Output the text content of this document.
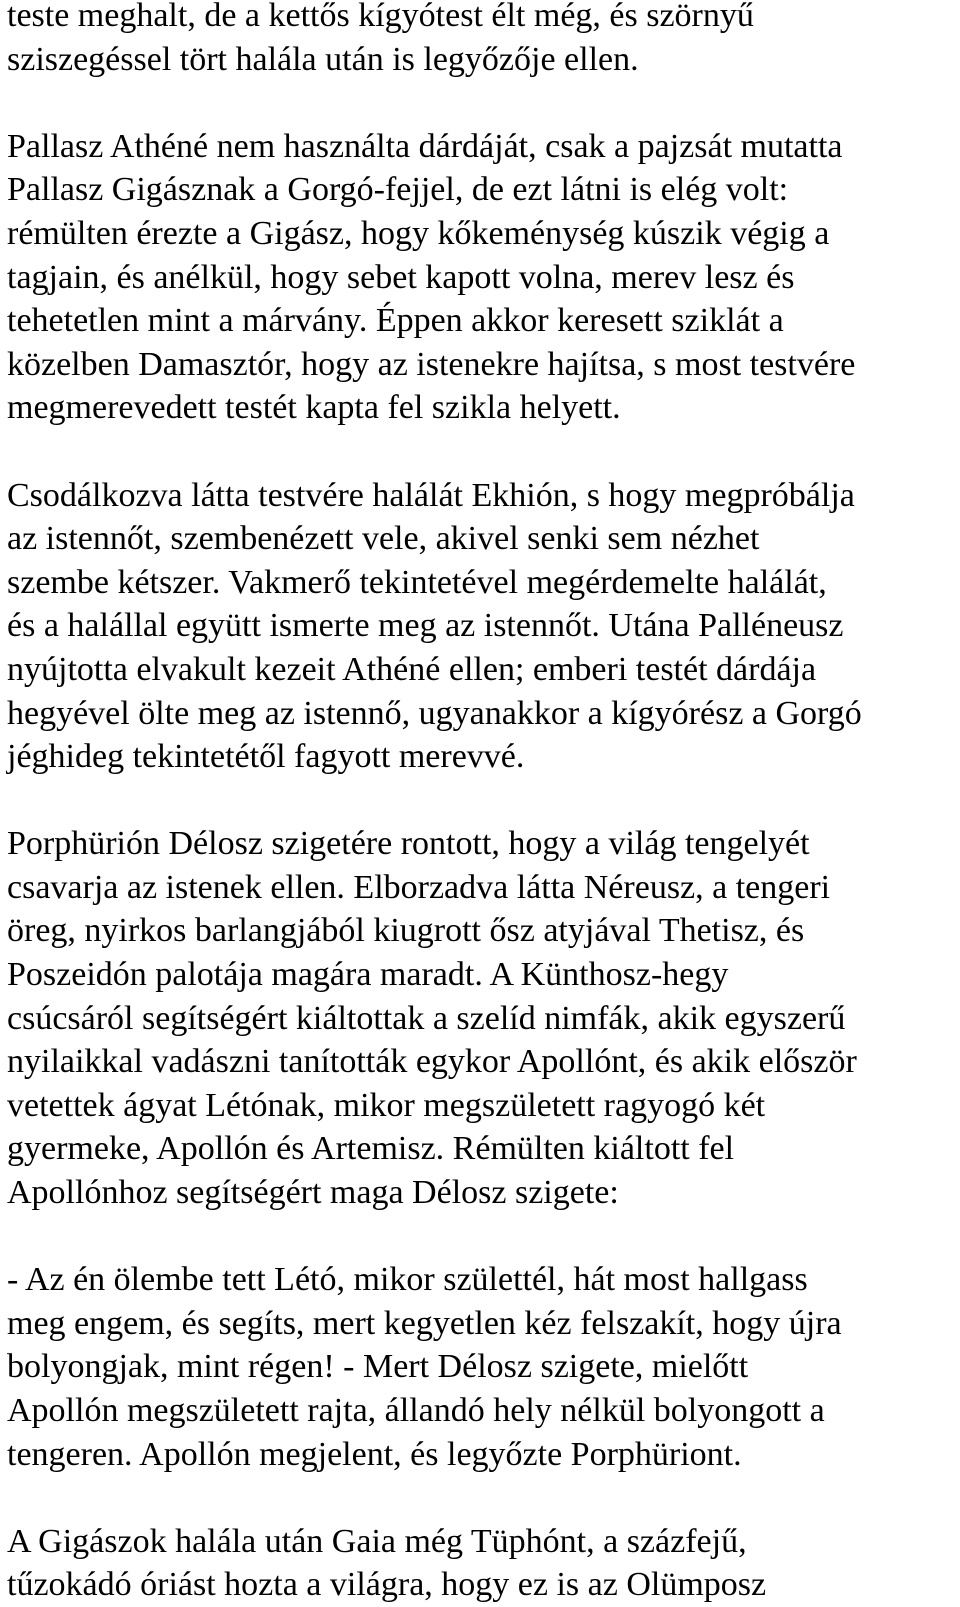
teste meghalt, de a kettős kígyótest élt még, és szörnyű
sziszegéssel tört halála után is legyőzője ellen.
Pallasz Athéné nem használta dárdáját, csak a pajzsát mutatta
Pallasz Gigásznak a Gorgó-fejjel, de ezt látni is elég volt:
rémülten érezte a Gigász, hogy kőkeménység kúszik végig a
tagjain, és anélkül, hogy sebet kapott volna, merev lesz és
tehetetlen mint a márvány. Éppen akkor keresett sziklát a
közelben Damasztór, hogy az istenekre hajítsa, s most testvére
megmerevedett testét kapta fel szikla helyett.
Csodálkozva látta testvére halálát Ekhión, s hogy megpróbálja
az istennőt, szembenézett vele, akivel senki sem nézhet
szembe kétszer. Vakmerő tekintetével megérdemelte halálát,
és a halállal együtt ismerte meg az istennőt. Utána Palléneusz
nyújtotta elvakult kezeit Athéné ellen; emberi testét dárdája
hegyével ölte meg az istennő, ugyanakkor a kígyórész a Gorgó
jéghideg tekintetétől fagyott merevvé.
Porphürión Délosz szigetére rontott, hogy a világ tengelyét
csavarja az istenek ellen. Elborzadva látta Néreusz, a tengeri
öreg, nyirkos barlangjából kiugrott ősz atyjával Thetisz, és
Poszeidón palotája magára maradt. A Künthosz-hegy
csúcsáról segítségért kiáltottak a szelíd nimfák, akik egyszerű
nyilaikkal vadászni tanították egykor Apollónt, és akik először
vetettek ágyat Létónak, mikor megszületett ragyogó két
gyermeke, Apollón és Artemisz. Rémülten kiáltott fel
Apollónhoz segítségért maga Délosz szigete:
- Az én ölembe tett Létó, mikor születtél, hát most hallgass
meg engem, és segíts, mert kegyetlen kéz felszakít, hogy újra
bolyongjak, mint régen! - Mert Délosz szigete, mielőtt
Apollón megszületett rajta, állandó hely nélkül bolyongott a
tengeren. Apollón megjelent, és legyőzte Porphüriont.
A Gigászok halála után Gaia még Tüphónt, a százfejű,
tűzokádó óriást hozta a világra, hogy ez is az Olümposz
